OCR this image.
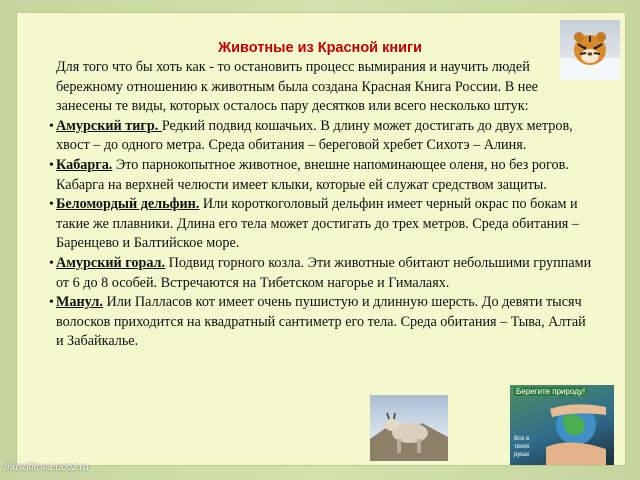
Животные из Красной книги

Для того что бы хоть как - то остановить процесс вымирания и научить людей бережному отношению к животным была создана Красная Книга России. В нее занесены те виды, которых осталось пару десятков или всего несколько штук:

• Амурский тигр. Редкий подвид кошачьих. В длину может достигать до двух метров, хвост – до одного метра. Среда обитания – береговой хребет Сихотэ – Алиня.

• Кабарга. Это парнокопытное животное, внешне напоминающее оленя, но без рогов. Кабарга на верхней челюсти имеет клыки, которые ей служат средством защиты.

• Беломордый дельфин. Или короткоголовый дельфин имеет черный окрас по бокам и такие же плавники. Длина его тела может достигать до трех метров. Среда обитания – Баренцево и Балтийское море.

• Амурский горал. Подвид горного козла. Эти животные обитают небольшими группами от 6 до 8 особей. Встречаются на Тибетском нагорье и Гималаях.

• Манул. Или Палласов кот имеет очень пушистую и длинную шерсть. До девяти тысяч волосков приходится на квадратный сантиметр его тела. Среда обитания – Тыва, Алтай и Забайкалье.

Берегите природу!
Все в твоих руках
musofirova.ucoz.ru
